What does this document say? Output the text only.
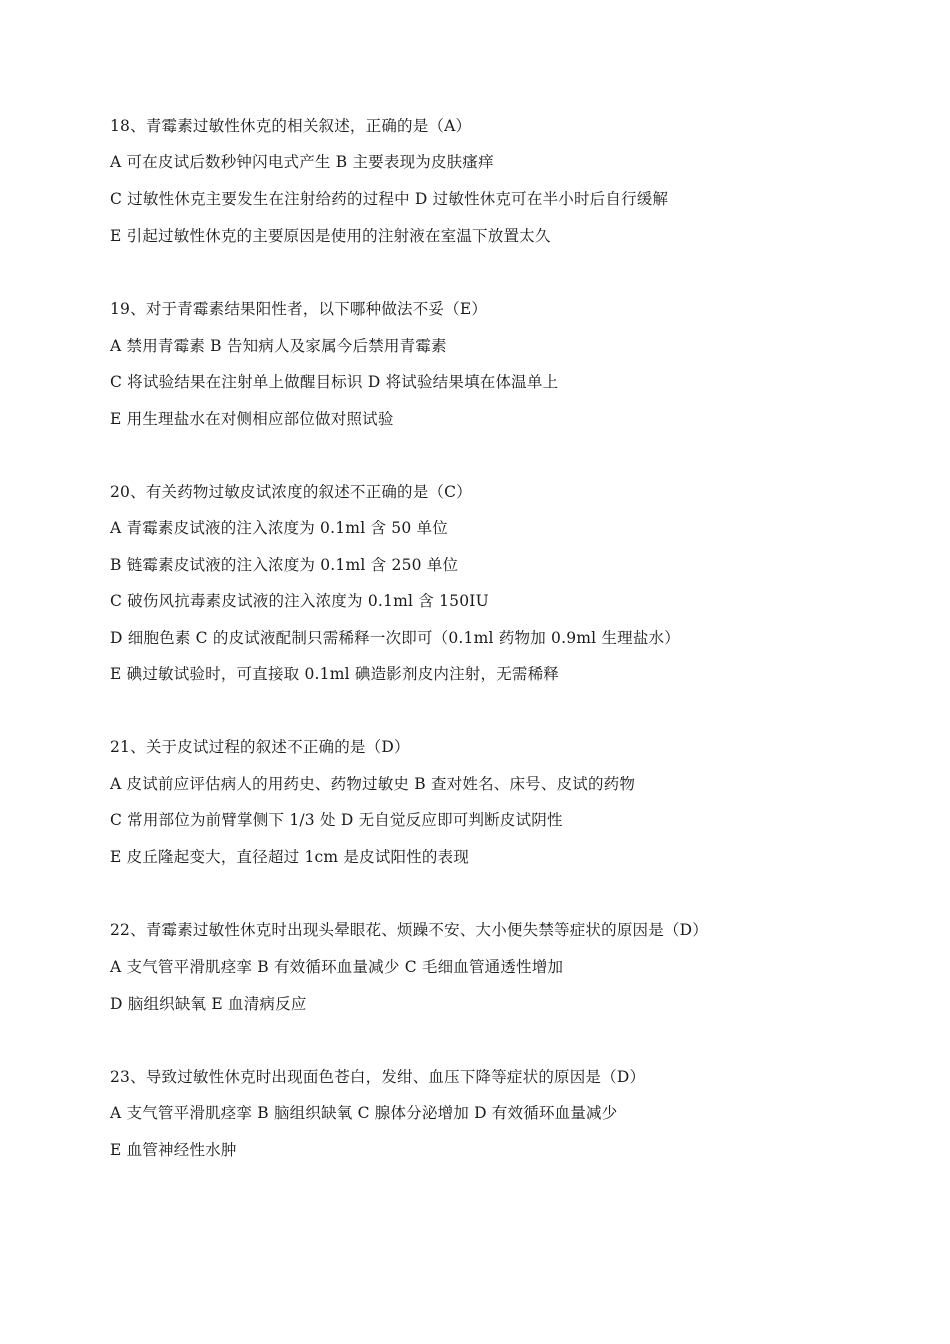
18、青霉素过敏性休克的相关叙述，正确的是（A）
A 可在皮试后数秒钟闪电式产生 B 主要表现为皮肤瘙痒
C 过敏性休克主要发生在注射给药的过程中 D 过敏性休克可在半小时后自行缓解
E 引起过敏性休克的主要原因是使用的注射液在室温下放置太久
19、对于青霉素结果阳性者，以下哪种做法不妥（E）
A 禁用青霉素 B 告知病人及家属今后禁用青霉素
C 将试验结果在注射单上做醒目标识 D 将试验结果填在体温单上
E 用生理盐水在对侧相应部位做对照试验
20、有关药物过敏皮试浓度的叙述不正确的是（C）
A 青霉素皮试液的注入浓度为 0.1ml 含 50 单位
B 链霉素皮试液的注入浓度为 0.1ml 含 250 单位
C 破伤风抗毒素皮试液的注入浓度为 0.1ml 含 150IU
D 细胞色素 C 的皮试液配制只需稀释一次即可（0.1ml 药物加 0.9ml 生理盐水）
E 碘过敏试验时，可直接取 0.1ml 碘造影剂皮内注射，无需稀释
21、关于皮试过程的叙述不正确的是（D）
A 皮试前应评估病人的用药史、药物过敏史 B 查对姓名、床号、皮试的药物
C 常用部位为前臂掌侧下 1/3 处 D 无自觉反应即可判断皮试阴性
E 皮丘隆起变大，直径超过 1cm 是皮试阳性的表现
22、青霉素过敏性休克时出现头晕眼花、烦躁不安、大小便失禁等症状的原因是（D）
A 支气管平滑肌痉挛 B 有效循环血量减少 C 毛细血管通透性增加
D 脑组织缺氧 E 血清病反应
23、导致过敏性休克时出现面色苍白，发绀、血压下降等症状的原因是（D）
A 支气管平滑肌痉挛 B 脑组织缺氧 C 腺体分泌增加 D 有效循环血量减少
E 血管神经性水肿
